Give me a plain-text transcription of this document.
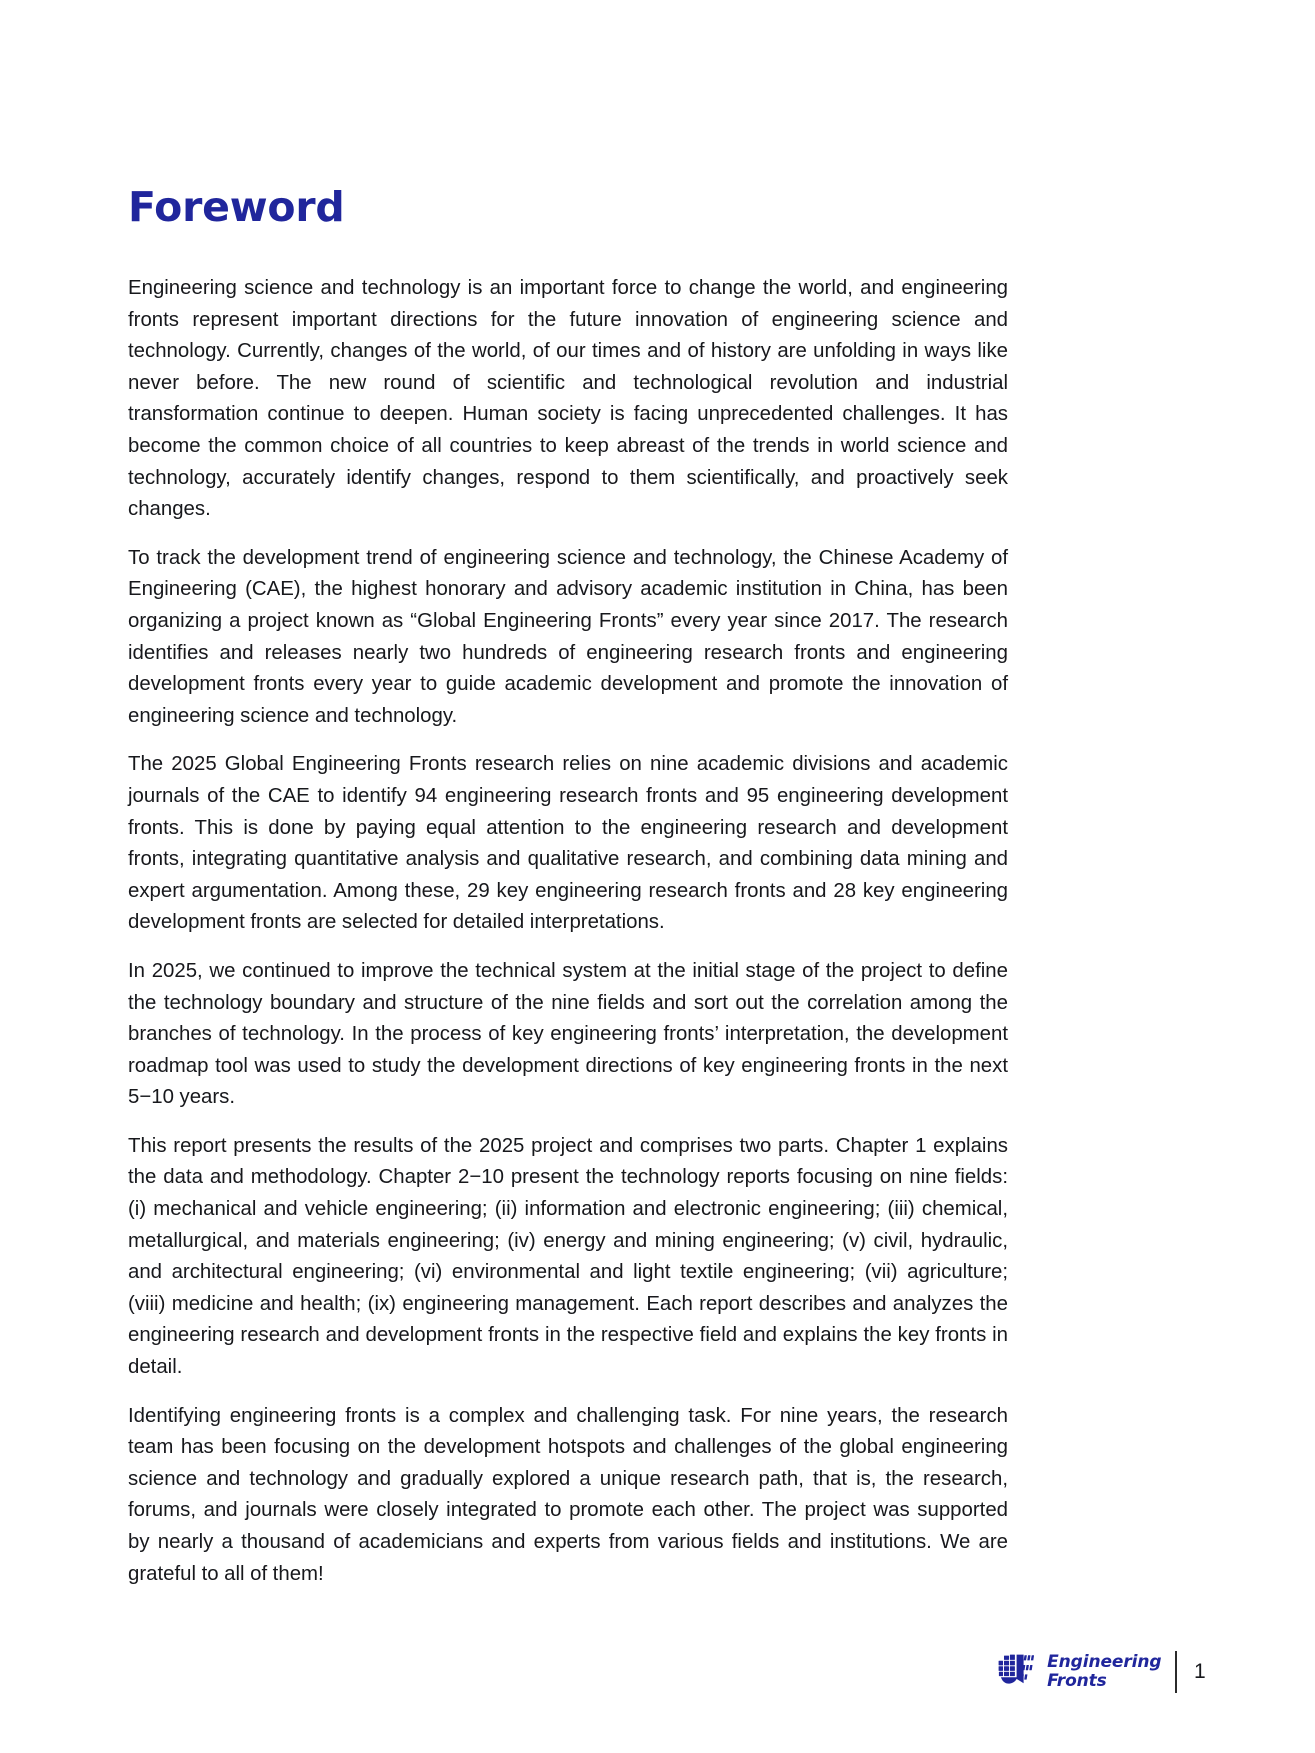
Foreword

Engineering science and technology is an important force to change the world, and engineering fronts represent important directions for the future innovation of engineering science and technology. Currently, changes of the world, of our times and of history are unfolding in ways like never before. The new round of scientific and technological revolution and industrial transformation continue to deepen. Human society is facing unprecedented challenges. It has become the common choice of all countries to keep abreast of the trends in world science and technology, accurately identify changes, respond to them scientifically, and proactively seek changes.

To track the development trend of engineering science and technology, the Chinese Academy of Engineering (CAE), the highest honorary and advisory academic institution in China, has been organizing a project known as “Global Engineering Fronts” every year since 2017. The research identifies and releases nearly two hundreds of engineering research fronts and engineering development fronts every year to guide academic development and promote the innovation of engineering science and technology.

The 2025 Global Engineering Fronts research relies on nine academic divisions and academic journals of the CAE to identify 94 engineering research fronts and 95 engineering development fronts. This is done by paying equal attention to the engineering research and development fronts, integrating quantitative analysis and qualitative research, and combining data mining and expert argumentation. Among these, 29 key engineering research fronts and 28 key engineering development fronts are selected for detailed interpretations.

In 2025, we continued to improve the technical system at the initial stage of the project to define the technology boundary and structure of the nine fields and sort out the correlation among the branches of technology. In the process of key engineering fronts’ interpretation, the development roadmap tool was used to study the development directions of key engineering fronts in the next 5−10 years.

This report presents the results of the 2025 project and comprises two parts. Chapter 1 explains the data and methodology. Chapter 2−10 present the technology reports focusing on nine fields: (i) mechanical and vehicle engineering; (ii) information and electronic engineering; (iii) chemical, metallurgical, and materials engineering; (iv) energy and mining engineering; (v) civil, hydraulic, and architectural engineering; (vi) environmental and light textile engineering; (vii) agriculture; (viii) medicine and health; (ix) engineering management. Each report describes and analyzes the engineering research and development fronts in the respective field and explains the key fronts in detail.

Identifying engineering fronts is a complex and challenging task. For nine years, the research team has been focusing on the development hotspots and challenges of the global engineering science and technology and gradually explored a unique research path, that is, the research, forums, and journals were closely integrated to promote each other. The project was supported by nearly a thousand of academicians and experts from various fields and institutions. We are grateful to all of them!

Engineering
Fronts	1
